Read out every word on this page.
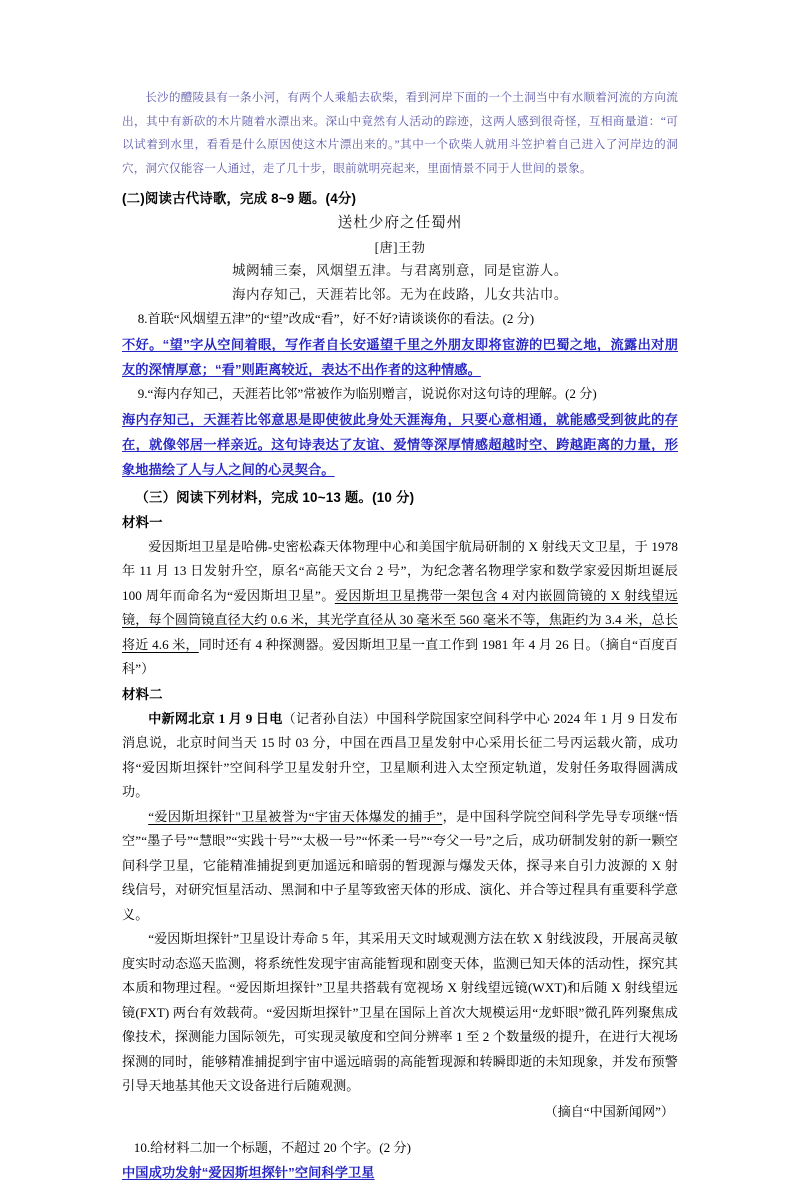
长沙的醴陵县有一条小河，有两个人乘船去砍柴，看到河岸下面的一个土洞当中有水顺着河流的方向流出，其中有新砍的木片随着水漂出来。深山中竟然有人活动的踪迹，这两人感到很奇怪，互相商量道：“可以试着到水里，看看是什么原因使这木片漂出来的。”其中一个砍柴人就用斗笠护着自己进入了河岸边的洞穴，洞穴仅能容一人通过，走了几十步，眼前就明亮起来，里面情景不同于人世间的景象。

(二)阅读古代诗歌，完成 8~9 题。(4分)

送杜少府之任蜀州

[唐]王勃

城阙辅三秦，风烟望五津。与君离别意，同是宦游人。

海内存知己，天涯若比邻。无为在歧路，儿女共沾巾。

8.首联“风烟望五津”的“望”改成“看”，好不好?请谈谈你的看法。(2 分)

不好。“望”字从空间着眼，写作者自长安遥望千里之外朋友即将宦游的巴蜀之地，流露出对朋友的深情厚意；“看”则距离较近，表达不出作者的这种情感。

9.“海内存知己，天涯若比邻”常被作为临别赠言，说说你对这句诗的理解。(2 分)

海内存知己，天涯若比邻意思是即使彼此身处天涯海角，只要心意相通，就能感受到彼此的存在，就像邻居一样亲近。这句诗表达了友谊、爱情等深厚情感超越时空、跨越距离的力量，形象地描绘了人与人之间的心灵契合。

（三）阅读下列材料，完成 10~13 题。(10 分)

材料一

爱因斯坦卫星是哈佛-史密松森天体物理中心和美国宇航局研制的 X 射线天文卫星，于 1978 年 11 月 13 日发射升空，原名“高能天文台 2 号”，为纪念著名物理学家和数学家爱因斯坦诞辰 100 周年而命名为“爱因斯坦卫星”。爱因斯坦卫星携带一架包含 4 对内嵌圆筒镜的 X 射线望远镜，每个圆筒镜直径大约 0.6 米，其光学直径从 30 毫米至 560 毫米不等，焦距约为 3.4 米，总长将近 4.6 米，同时还有 4 种探测器。爱因斯坦卫星一直工作到 1981 年 4 月 26 日。（摘自“百度百科”）

材料二

中新网北京 1 月 9 日电（记者孙自法）中国科学院国家空间科学中心 2024 年 1 月 9 日发布消息说，北京时间当天 15 时 03 分，中国在西昌卫星发射中心采用长征二号丙运载火箭，成功将“爱因斯坦探针”空间科学卫星发射升空，卫星顺利进入太空预定轨道，发射任务取得圆满成功。

“爱因斯坦探针"卫星被誉为“宇宙天体爆发的捕手”，是中国科学院空间科学先导专项继“悟空”“墨子号”“慧眼”“实践十号”“太极一号”“怀柔一号”“夸父一号”之后，成功研制发射的新一颗空间科学卫星，它能精准捕捉到更加遥远和暗弱的暂现源与爆发天体，探寻来自引力波源的 X 射线信号，对研究恒星活动、黑洞和中子星等致密天体的形成、演化、并合等过程具有重要科学意义。

“爱因斯坦探针”卫星设计寿命 5 年，其采用天文时域观测方法在软 X 射线波段，开展高灵敏度实时动态巡天监测，将系统性发现宇宙高能暂现和剧变天体，监测已知天体的活动性，探究其本质和物理过程。“爱因斯坦探针”卫星共搭载有宽视场 X 射线望远镜(WXT)和后随 X 射线望远镜(FXT) 两台有效载荷。“爱因斯坦探针”卫星在国际上首次大规模运用“龙虾眼”微孔阵列聚焦成像技术，探测能力国际领先，可实现灵敏度和空间分辨率 1 至 2 个数量级的提升，在进行大视场探测的同时，能够精准捕捉到宇宙中遥远暗弱的高能暂现源和转瞬即逝的未知现象，并发布预警引导天地基其他天文设备进行后随观测。

（摘自“中国新闻网”）

10.给材料二加一个标题，不超过 20 个字。(2 分)

中国成功发射“爱因斯坦探针”空间科学卫星
